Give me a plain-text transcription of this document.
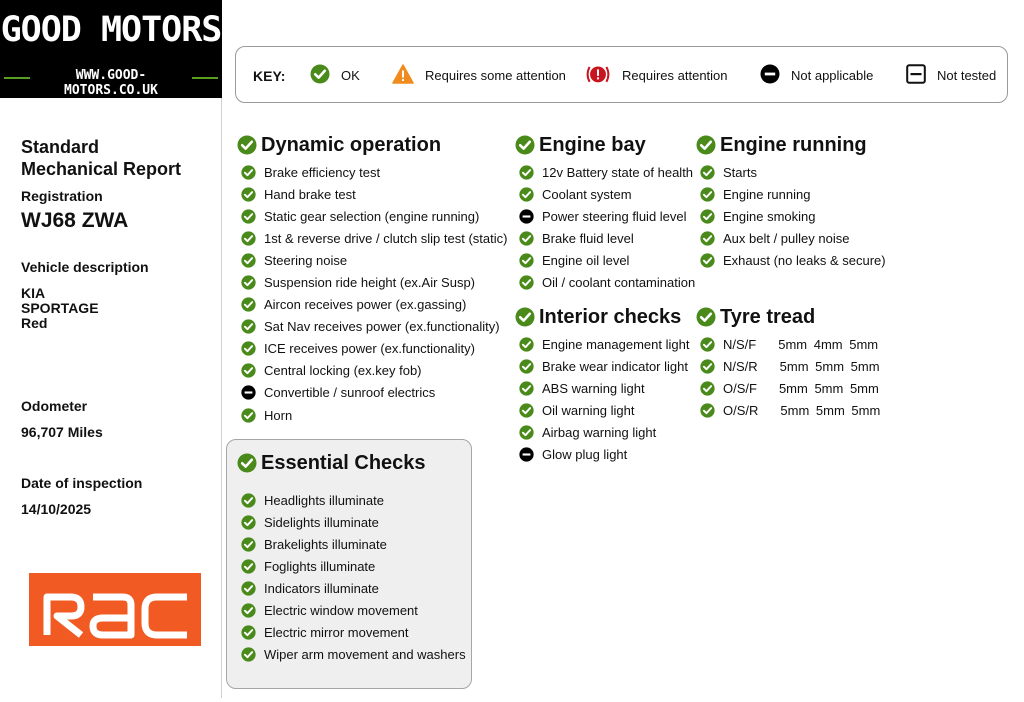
GOOD MOTORS
WWW.GOOD-MOTORS.CO.UK
Standard
Mechanical Report
Registration
WJ68 ZWA
Vehicle description
KIA
SPORTAGE
Red
Odometer
96,707 Miles
Date of inspection
14/10/2025
KEY:	OK	Requires some attention	Requires attention	Not applicable	Not tested
Dynamic operation
Brake efficiency test
Hand brake test
Static gear selection (engine running)
1st & reverse drive / clutch slip test (static)
Steering noise
Suspension ride height (ex.Air Susp)
Aircon receives power (ex.gassing)
Sat Nav receives power (ex.functionality)
ICE receives power (ex.functionality)
Central locking (ex.key fob)
Convertible / sunroof electrics
Horn
Engine bay
12v Battery state of health
Coolant system
Power steering fluid level
Brake fluid level
Engine oil level
Oil / coolant contamination
Engine running
Starts
Engine running
Engine smoking
Aux belt / pulley noise
Exhaust (no leaks & secure)
Interior checks
Engine management light
Brake wear indicator light
ABS warning light
Oil warning light
Airbag warning light
Glow plug light
Tyre tread
N/S/F 5mm 4mm 5mm
N/S/R 5mm 5mm 5mm
O/S/F 5mm 5mm 5mm
O/S/R 5mm 5mm 5mm
Essential Checks
Headlights illuminate
Sidelights illuminate
Brakelights illuminate
Foglights illuminate
Indicators illuminate
Electric window movement
Electric mirror movement
Wiper arm movement and washers
